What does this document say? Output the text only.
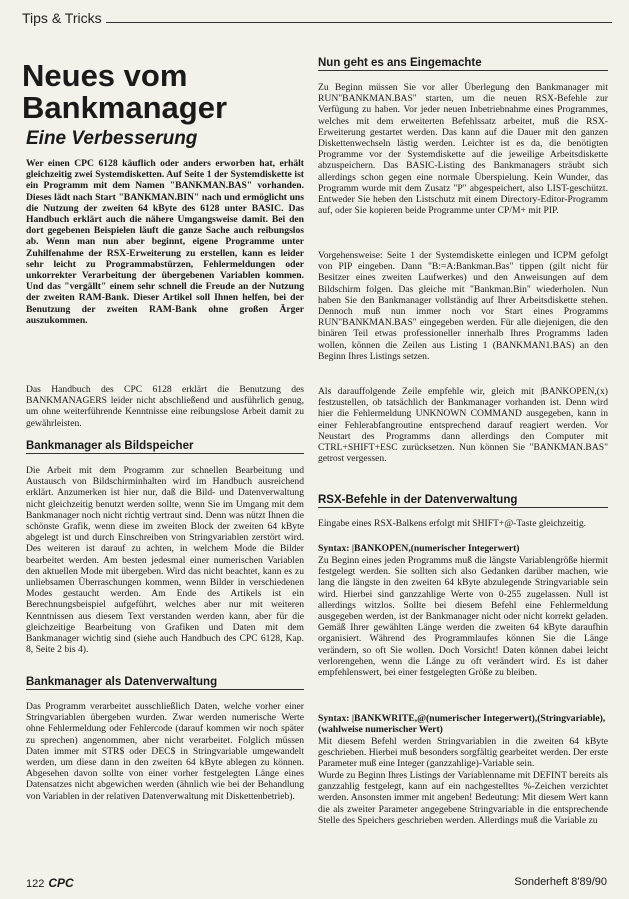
Tips & Tricks
Neues vom Bankmanager
Eine Verbesserung

Wer einen CPC 6128 käuflich oder anders erworben hat, erhält gleichzeitig zwei Systemdisketten. Auf Seite 1 der Systemdiskette ist ein Programm mit dem Namen "BANKMAN.BAS" vorhanden. Dieses lädt nach Start "BANKMAN.BIN" nach und ermöglicht uns die Nutzung der zweiten 64 kByte des 6128 unter BASIC. Das Handbuch erklärt auch die nähere Umgangsweise damit. Bei den dort gegebenen Beispielen läuft die ganze Sache auch reibungslos ab. Wenn man nun aber beginnt, eigene Programme unter Zuhilfenahme der RSX-Erweiterung zu erstellen, kann es leider sehr leicht zu Programmabstürzen, Fehlermeldungen oder unkorrekter Verarbeitung der übergebenen Variablen kommen. Und das "vergällt" einem sehr schnell die Freude an der Nutzung der zweiten RAM-Bank. Dieser Artikel soll Ihnen helfen, bei der Benutzung der zweiten RAM-Bank ohne großen Ärger auszukommen.

Das Handbuch des CPC 6128 erklärt die Benutzung des BANKMANAGERS leider nicht abschließend und ausführlich genug, um ohne weiterführende Kenntnisse eine reibungslose Arbeit damit zu gewährleisten.

Bankmanager als Bildspeicher

Die Arbeit mit dem Programm zur schnellen Bearbeitung und Austausch von Bildschirminhalten wird im Handbuch ausreichend erklärt. Anzumerken ist hier nur, daß die Bild- und Datenverwaltung nicht gleichzeitig benutzt werden sollte, wenn Sie im Umgang mit dem Bankmanager noch nicht richtig vertraut sind. Denn was nützt Ihnen die schönste Grafik, wenn diese im zweiten Block der zweiten 64 kByte abgelegt ist und durch Einschreiben von Stringvariablen zerstört wird. Des weiteren ist darauf zu achten, in welchem Mode die Bilder bearbeitet werden. Am besten jedesmal einer numerischen Variablen den aktuellen Mode mit übergeben. Wird das nicht beachtet, kann es zu unliebsamen Überraschungen kommen, wenn Bilder in verschiedenen Modes gestaucht werden. Am Ende des Artikels ist ein Berechnungsbeispiel aufgeführt, welches aber nur mit weiteren Kenntnissen aus diesem Text verstanden werden kann, aber für die gleichzeitige Bearbeitung von Grafiken und Daten mit dem Bankmanager wichtig sind (siehe auch Handbuch des CPC 6128, Kap. 8, Seite 2 bis 4).

Bankmanager als Datenverwaltung

Das Programm verarbeitet ausschließlich Daten, welche vorher einer Stringvariablen übergeben wurden. Zwar werden numerische Werte ohne Fehlermeldung oder Fehlercode (darauf kommen wir noch später zu sprechen) angenommen, aber nicht verarbeitet. Folglich müssen Daten immer mit STR$ oder DEC$ in Stringvariable umgewandelt werden, um diese dann in den zweiten 64 kByte ablegen zu können. Abgesehen davon sollte von einer vorher festgelegten Länge eines Datensatzes nicht abgewichen werden (ähnlich wie bei der Behandlung von Variablen in der relativen Datenverwaltung mit Diskettenbetrieb).

Nun geht es ans Eingemachte

Zu Beginn müssen Sie vor aller Überlegung den Bankmanager mit RUN"BANKMAN.BAS" starten, um die neuen RSX-Befehle zur Verfügung zu haben. Vor jeder neuen Inbetriebnahme eines Programmes, welches mit dem erweiterten Befehlssatz arbeitet, muß die RSX-Erweiterung gestartet werden. Das kann auf die Dauer mit den ganzen Diskettenwechseln lästig werden. Leichter ist es da, die benötigten Programme vor der Systemdiskette auf die jeweilige Arbeitsdiskette abzuspeichern. Das BASIC-Listing des Bankmanagers sträubt sich allerdings schon gegen eine normale Überspielung. Kein Wunder, das Programm wurde mit dem Zusatz "P" abgespeichert, also LIST-geschützt. Entweder Sie heben den Listschutz mit einem Directory-Editor-Programm auf, oder Sie kopieren beide Programme unter CP/M+ mit PIP.

Vorgehensweise: Seite 1 der Systemdiskette einlegen und ICPM gefolgt von PIP eingeben. Dann "B:=A:Bankman.Bas" tippen (gilt nicht für Besitzer eines zweiten Laufwerkes) und den Anweisungen auf dem Bildschirm folgen. Das gleiche mit "Bankman.Bin" wiederholen. Nun haben Sie den Bankmanager vollständig auf Ihrer Arbeitsdiskette stehen. Dennoch muß nun immer noch vor Start eines Programms RUN"BANKMAN.BAS" eingegeben werden. Für alle diejenigen, die den binären Teil etwas professioneller innerhalb Ihres Programms laden wollen, können die Zeilen aus Listing 1 (BANKMAN1.BAS) an den Beginn Ihres Listings setzen.

Als darauffolgende Zeile empfehle wir, gleich mit |BANKOPEN,(x) festzustellen, ob tatsächlich der Bankmanager vorhanden ist. Denn wird hier die Fehlermeldung UNKNOWN COMMAND ausgegeben, kann in einer Fehlerabfangroutine entsprechend darauf reagiert werden. Vor Neustart des Programms dann allerdings den Computer mit CTRL+SHIFT+ESC zurücksetzen. Nun können Sie "BANKMAN.BAS" getrost vergessen.

RSX-Befehle in der Datenverwaltung

Eingabe eines RSX-Balkens erfolgt mit SHIFT+@-Taste gleichzeitig.

Syntax: |BANKOPEN,(numerischer Integerwert)

Zu Beginn eines jeden Programms muß die längste Variablengröße hiermit festgelegt werden. Sie sollten sich also Gedanken darüber machen, wie lang die längste in den zweiten 64 kByte abzulegende Stringvariable sein wird. Hierbei sind ganzzahlige Werte von 0-255 zugelassen. Null ist allerdings witzlos. Sollte bei diesem Befehl eine Fehlermeldung ausgegeben werden, ist der Bankmanager nicht oder nicht korrekt geladen. Gemäß Ihrer gewählten Länge werden die zweiten 64 kByte daraufhin organisiert. Während des Programmlaufes können Sie die Länge verändern, so oft Sie wollen. Doch Vorsicht! Daten können dabei leicht verlorengehen, wenn die Länge zu oft verändert wird. Es ist daher empfehlenswert, bei einer festgelegten Größe zu bleiben.

Syntax: |BANKWRITE,@(numerischer Integerwert),(Stringvariable),(wahlweise numerischer Wert)

Mit diesem Befehl werden Stringvariablen in die zweiten 64 kByte geschrieben. Hierbei muß besonders sorgfältig gearbeitet werden. Der erste Parameter muß eine Integer (ganzzahlige)-Variable sein.

Wurde zu Beginn Ihres Listings der Variablenname mit DEFINT bereits als ganzzahlig festgelegt, kann auf ein nachgestelltes %-Zeichen verzichtet werden. Ansonsten immer mit angeben! Bedeutung: Mit diesem Wert kann die als zweiter Parameter angegebene Stringvariable in die entsprechende Stelle des Speichers geschrieben werden. Allerdings muß die Variable zu

122 CPC	Sonderheft 8'89/90
